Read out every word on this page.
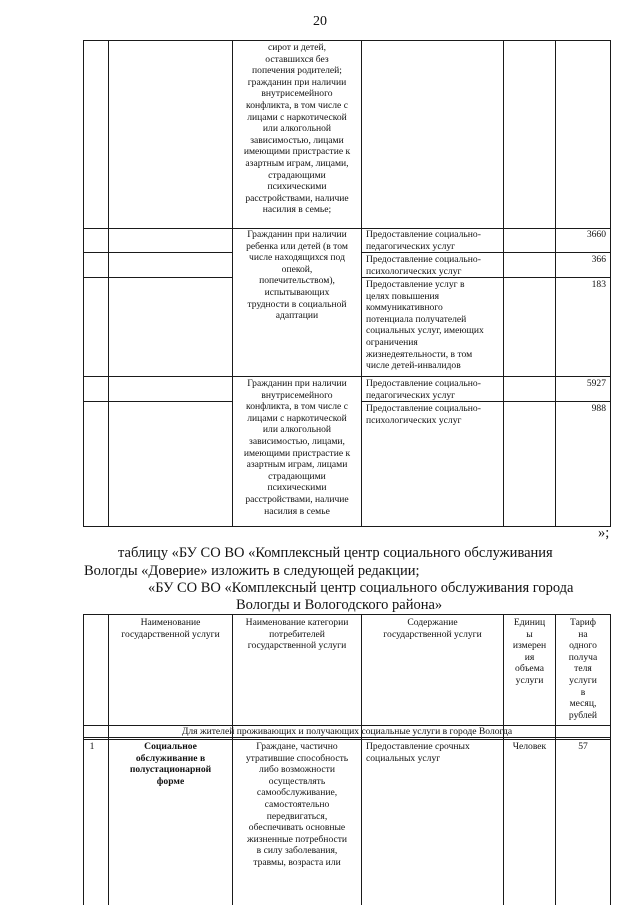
20
сирот и детей,
оставшихся без
попечения родителей;
гражданин при наличии
внутрисемейного
конфликта, в том числе с
лицами с наркотической
или алкогольной
зависимостью, лицами
имеющими пристрастие к
азартным играм, лицами,
страдающими
психическими
расстройствами, наличие
насилия в семье;
Гражданин при наличии
ребенка или детей (в том
числе находящихся под
опекой,
попечительством),
испытывающих
трудности в социальной
адаптации
Предоставление социально-
педагогических услуг
3660
Предоставление социально-
психологических услуг
366
Предоставление услуг в
целях повышения
коммуникативного
потенциала получателей
социальных услуг, имеющих
ограничения
жизнедеятельности, в том
числе детей-инвалидов
183
Гражданин при наличии
внутрисемейного
конфликта, в том числе с
лицами с наркотической
или алкогольной
зависимостью, лицами,
имеющими пристрастие к
азартным играм, лицами
страдающими
психическими
расстройствами, наличие
насилия в семье
Предоставление социально-
педагогических услуг
5927
Предоставление социально-
психологических услуг
988
»;
таблицу «БУ СО ВО «Комплексный центр социального обслуживания
Вологды «Доверие» изложить в следующей редакции;
«БУ СО ВО «Комплексный центр социального обслуживания города
Вологды и Вологодского района»
Наименование
государственной услуги
Наименование категории
потребителей
государственной услуги
Содержание
государственной услуги
Единиц
ы
измерен
ия
объема
услуги
Тариф
на
одного
получа
теля
услуги
в
месяц,
рублей
Для жителей проживающих и получающих социальные услуги в городе Вологда
1	Социальное
обслуживание в
полустационарной
форме
Граждане, частично
утратившие способность
либо возможности
осуществлять
самообслуживание,
самостоятельно
передвигаться,
обеспечивать основные
жизненные потребности
в силу заболевания,
травмы, возраста или
Предоставление срочных
социальных услуг
Человек	57
